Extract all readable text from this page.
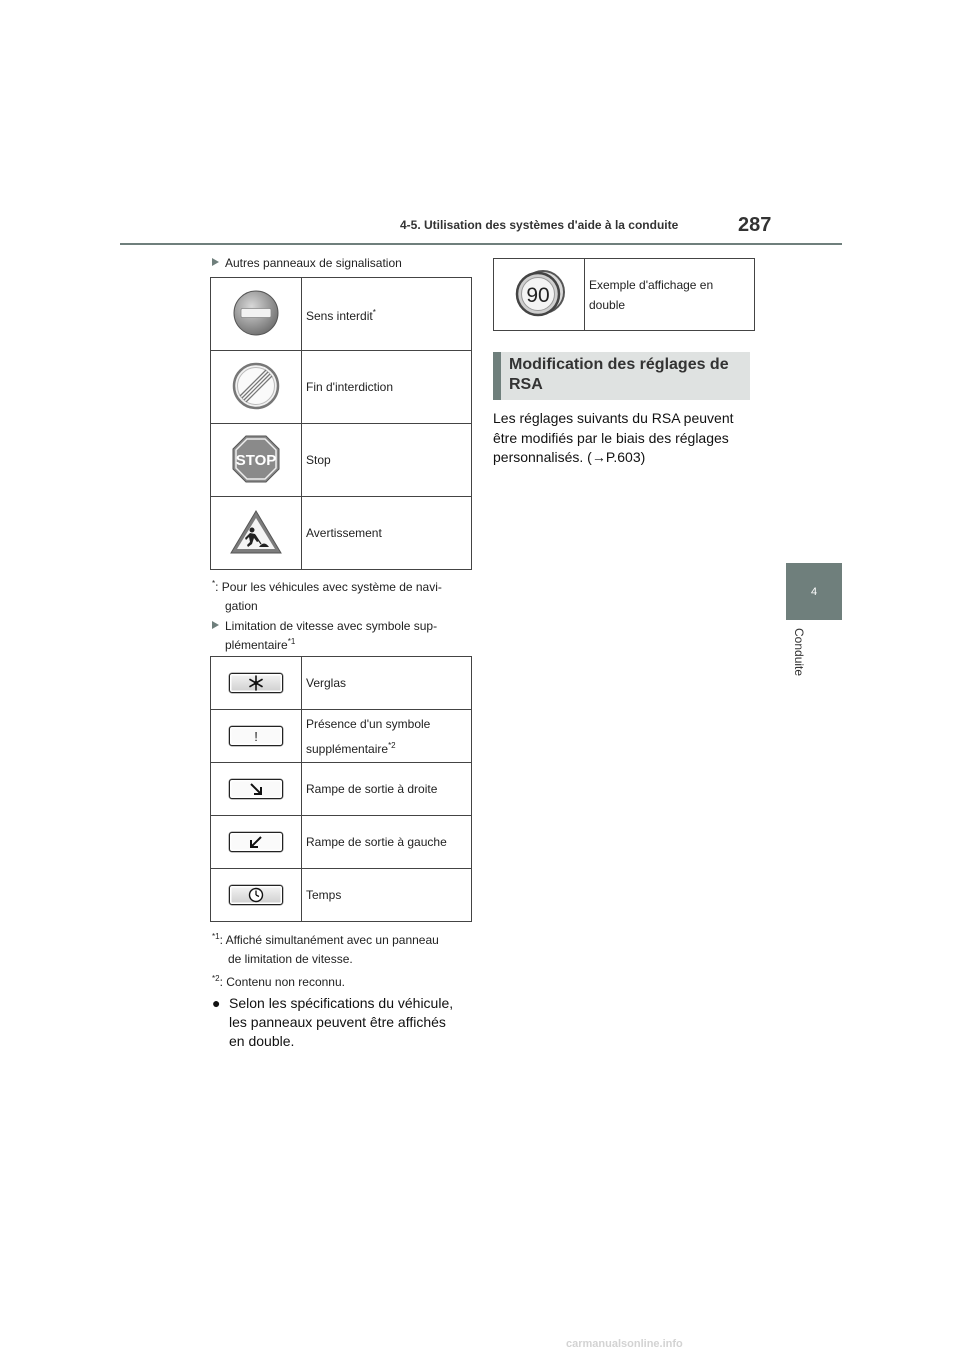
4-5. Utilisation des systèmes d'aide à la conduite	287
4
Conduite
Autres panneaux de signalisation
	Sens interdit*
	Fin d'interdiction

STOP	Stop
	Avertissement
*: Pour les véhicules avec système de navi-
gation
Limitation de vitesse avec symbole sup-
plémentaire$^{*1}$
	Verglas

!	Présence d'un symbole
supplémentaire$^{*2}$

	Rampe de sortie à droite

	Rampe de sortie à gauche

	Temps
$^{*1}$: Affiché simultanément avec un panneau
de limitation de vitesse.
$^{*2}$: Contenu non reconnu.
● Selon les spécifications du véhicule,
les panneaux peuvent être affichés
en double.
90	Exemple d'affichage en
double
Modification des réglages de
RSA
Les réglages suivants du RSA peuvent
être modifiés par le biais des réglages
personnalisés. (→P.603)
carmanualsonline.info
